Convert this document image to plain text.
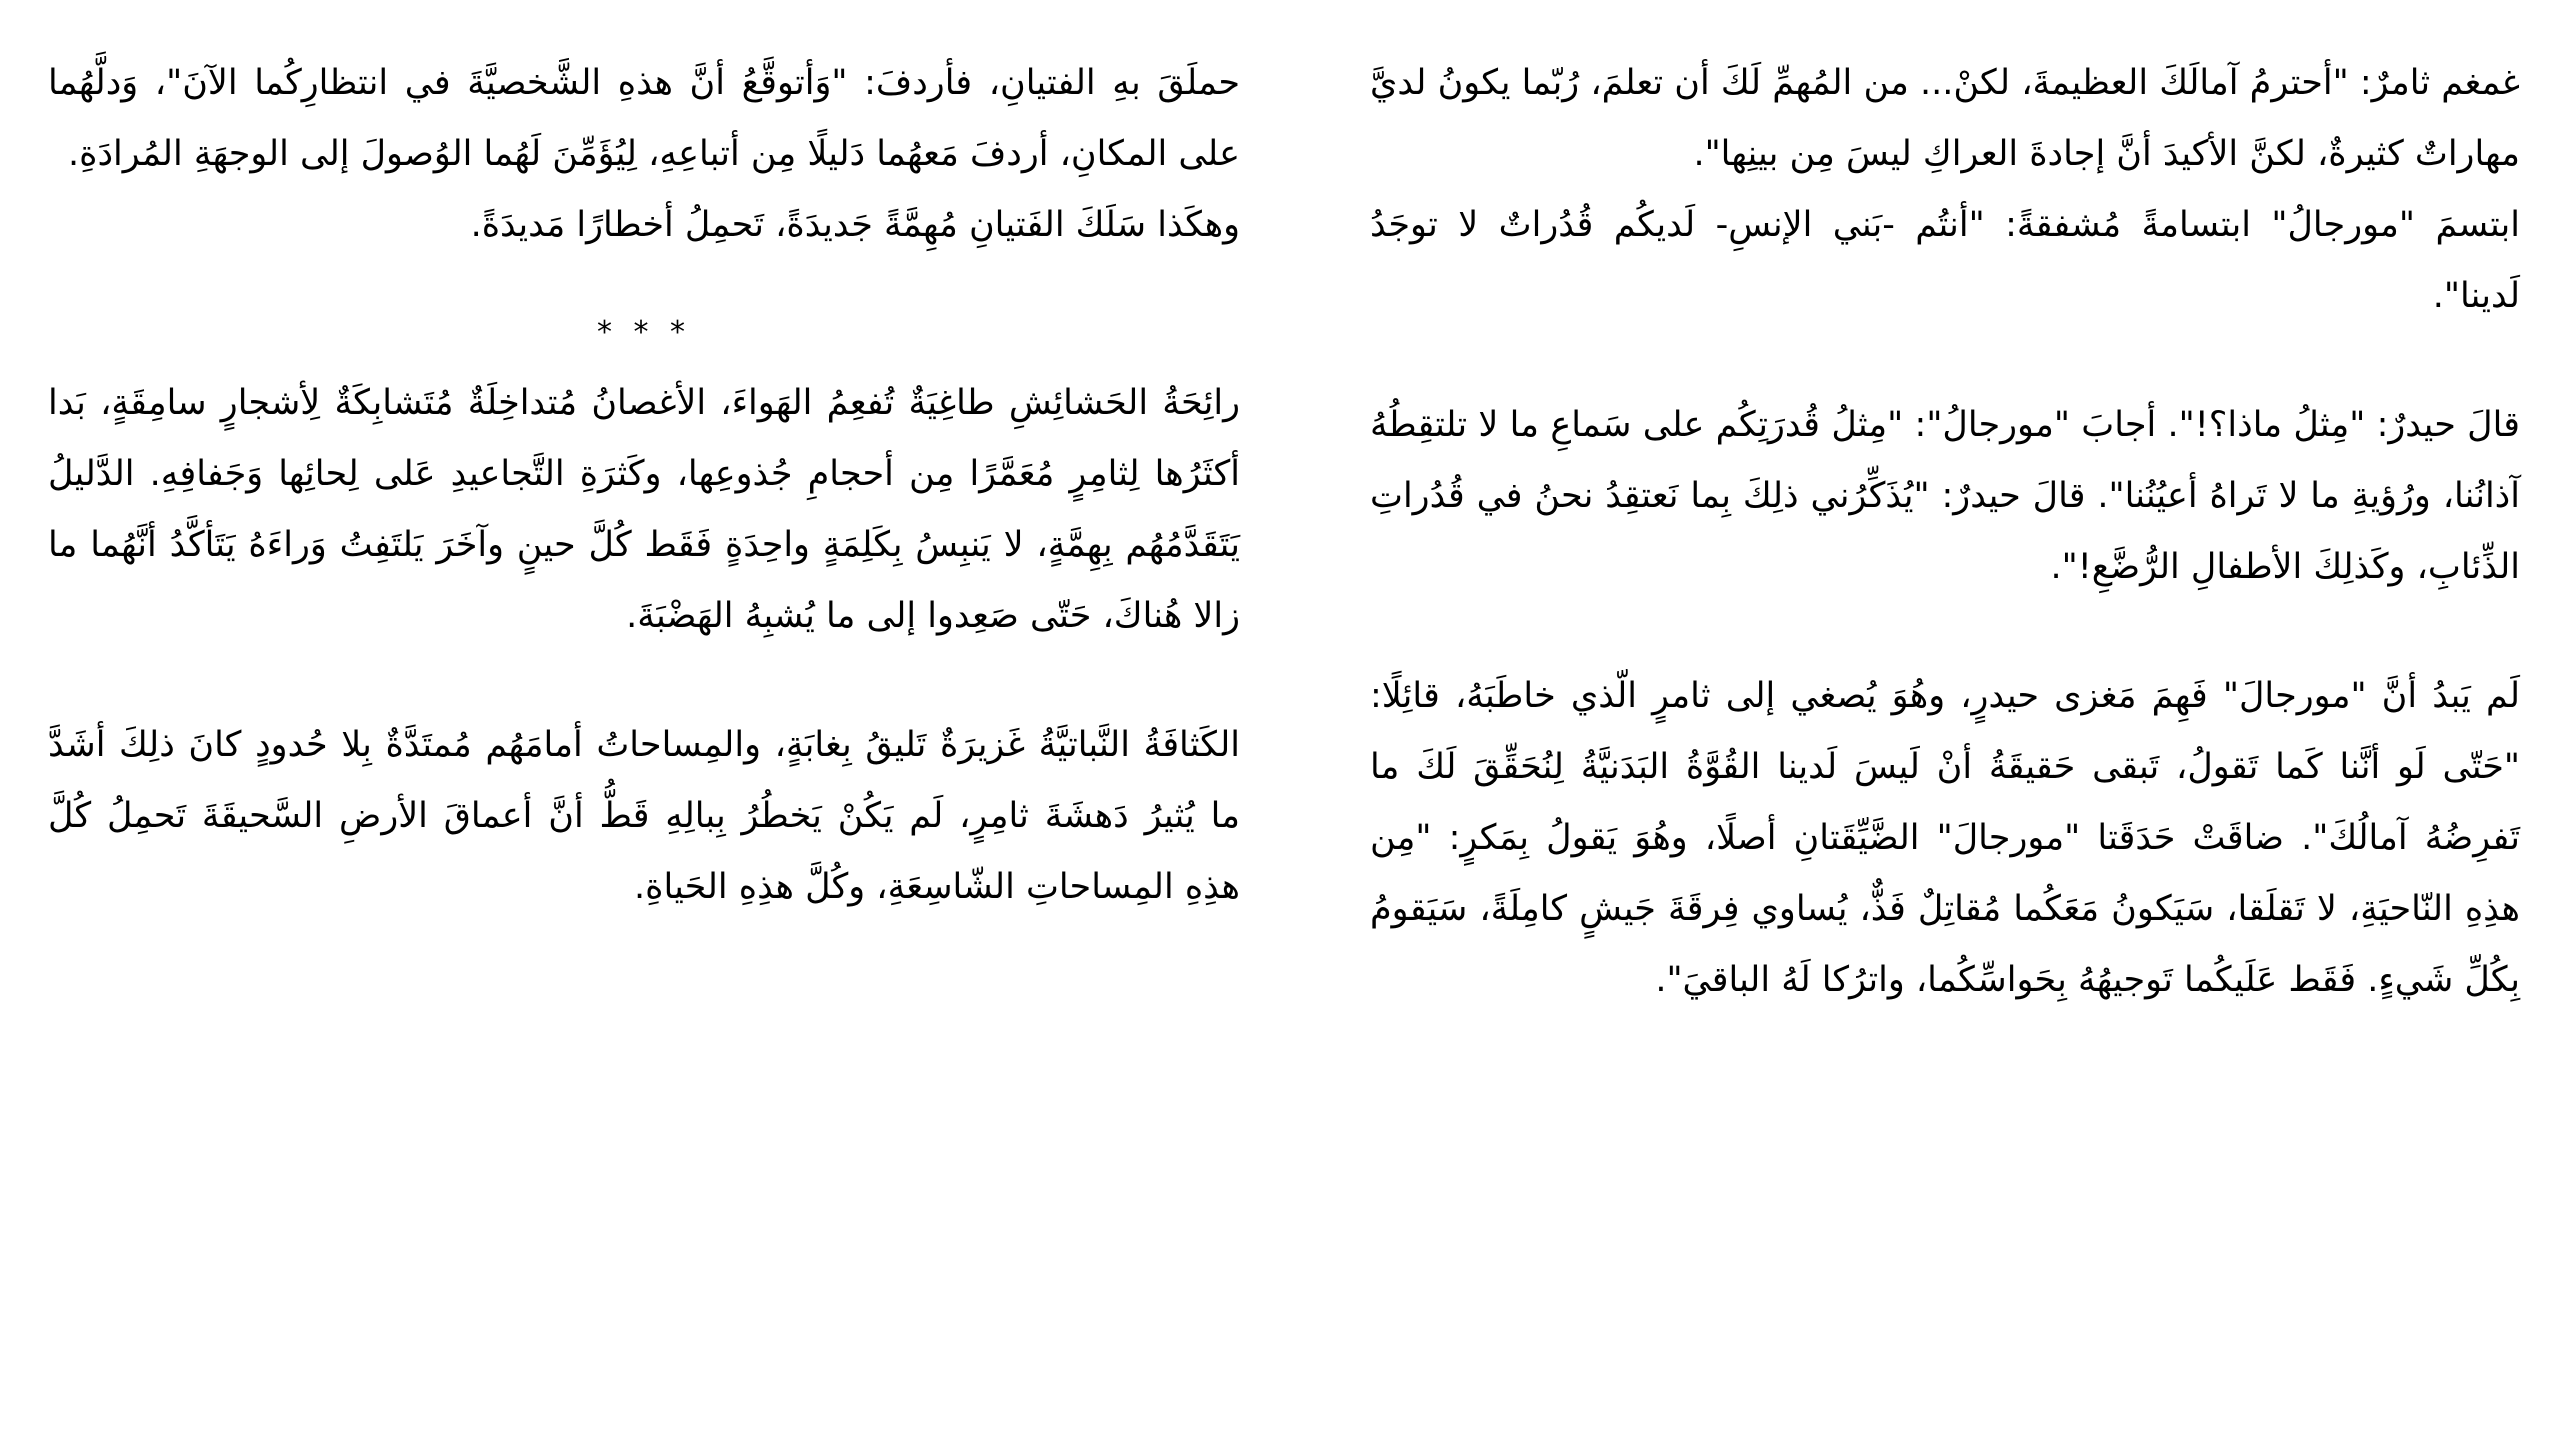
غمغم ثامرٌ: "أحترمُ آمالَكَ العظيمةَ، لكنْ... من المُهمِّ لَكَ أن تعلمَ، رُبّما يكونُ لديَّ مهاراتٌ كثيرةٌ، لكنَّ الأكيدَ أنَّ إجادةَ العراكِ ليسَ مِن بينِها".

ابتسمَ "مورجالُ" ابتسامةً مُشفقةً: "أنتُم -بَني الإنسِ- لَديكُم قُدُراتٌ لا توجَدُ لَدينا".

قالَ حيدرٌ: "مِثلُ ماذا؟!". أجابَ "مورجالُ": "مِثلُ قُدرَتِكُم على سَماعِ ما لا تلتقِطُهُ آذانُنا، ورُؤيةِ ما لا تَراهُ أعيُنُنا". قالَ حيدرٌ: "يُذَكِّرُني ذلِكَ بِما نَعتقِدُ نحنُ في قُدُراتِ الذِّئابِ، وكَذلِكَ الأطفالِ الرُّضَّعِ!".

لَم يَبدُ أنَّ "مورجالَ" فَهِمَ مَغزى حيدرٍ، وهُوَ يُصغي إلى ثامرٍ الّذي خاطَبَهُ، قائِلًا: "حَتّى لَو أنَّنا كَما تَقولُ، تَبقى حَقيقَةُ أنْ لَيسَ لَدينا القُوَّةُ البَدَنيَّةُ لِنُحَقِّقَ لَكَ ما تَفرِضُهُ آمالُكَ". ضاقَتْ حَدَقَتا "مورجالَ" الضَّيِّقَتانِ أصلًا، وهُوَ يَقولُ بِمَكرٍ: "مِن هذِهِ النّاحيَةِ، لا تَقلَقا، سَيَكونُ مَعَكُما مُقاتِلٌ فَذٌّ، يُساوي فِرقَةَ جَيشٍ كامِلَةً، سَيَقومُ بِكُلِّ شَيءٍ. فَقَط عَلَيكُما تَوجيهُهُ بِحَواسِّكُما، واترُكا لَهُ الباقيَ".

حملَقَ بهِ الفتيانِ، فأردفَ: "وَأتوقَّعُ أنَّ هذهِ الشَّخصيَّةَ في انتظارِكُما الآنَ"، وَدلَّهُما على المكانِ، أردفَ مَعهُما دَليلًا مِن أتباعِهِ، لِيُؤَمِّنَ لَهُما الوُصولَ إلى الوجهَةِ المُرادَةِ.

وهكَذا سَلَكَ الفَتيانِ مُهِمَّةً جَديدَةً، تَحمِلُ أخطارًا مَديدَةً.

* * *

رائِحَةُ الحَشائِشِ طاغِيَةٌ تُفعِمُ الهَواءَ، الأغصانُ مُتداخِلَةٌ مُتَشابِكَةٌ لِأشجارٍ سامِقَةٍ، بَدا أكثَرُها لِثامِرٍ مُعَمَّرًا مِن أحجامِ جُذوعِها، وكَثرَةِ التَّجاعيدِ عَلى لِحائِها وَجَفافِهِ. الدَّليلُ يَتَقَدَّمُهُم بِهِمَّةٍ، لا يَنبِسُ بِكَلِمَةٍ واحِدَةٍ فَقَط كُلَّ حينٍ وآخَرَ يَلتَفِتُ وَراءَهُ يَتَأكَّدُ أنَّهُما ما زالا هُناكَ، حَتّى صَعِدوا إلى ما يُشبِهُ الهَضْبَةَ.

الكَثافَةُ النَّباتيَّةُ غَزيرَةٌ تَليقُ بِغابَةٍ، والمِساحاتُ أمامَهُم مُمتَدَّةٌ بِلا حُدودٍ كانَ ذلِكَ أشَدَّ ما يُثيرُ دَهشَةَ ثامِرٍ، لَم يَكُنْ يَخطُرُ بِبالِهِ قَطُّ أنَّ أعماقَ الأرضِ السَّحيقَةَ تَحمِلُ كُلَّ هذِهِ المِساحاتِ الشّاسِعَةِ، وكُلَّ هذِهِ الحَياةِ.
